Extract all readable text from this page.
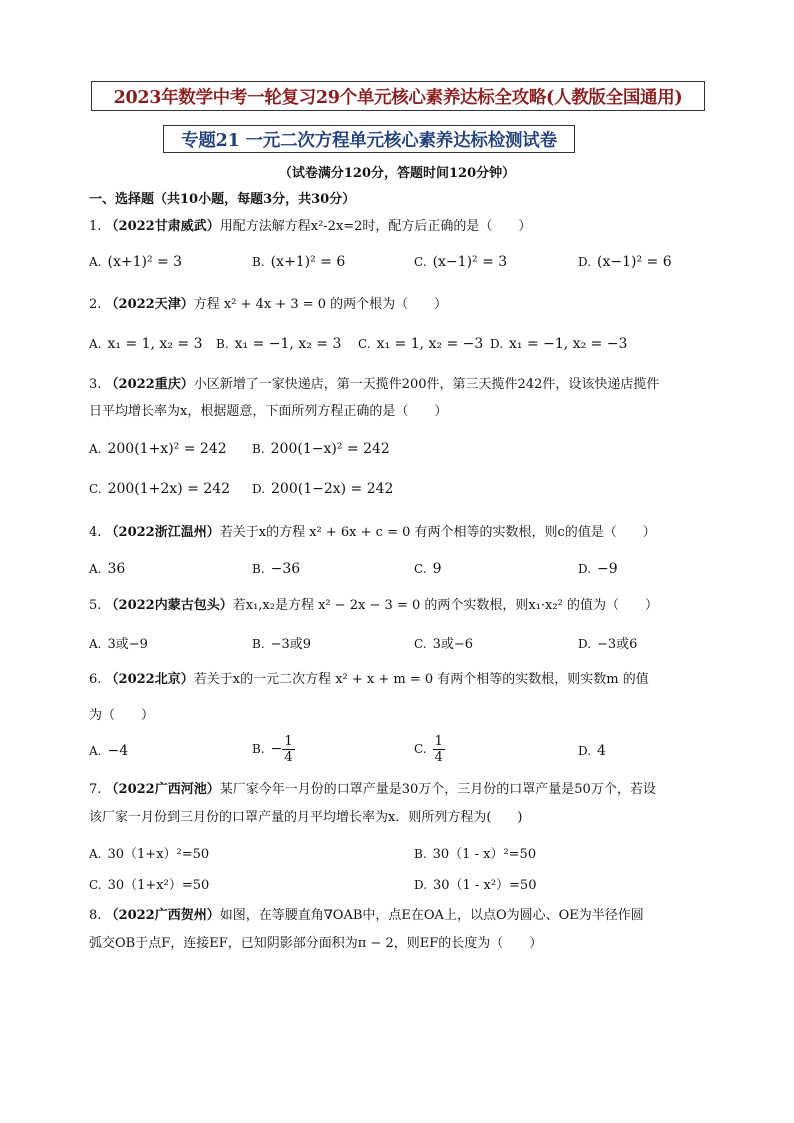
2023年数学中考一轮复习29个单元核心素养达标全攻略(人教版全国通用)
专题21 一元二次方程单元核心素养达标检测试卷
（试卷满分120分，答题时间120分钟）
一、选择题（共10小题，每题3分，共30分）
1. （2022甘肃威武）用配方法解方程x²-2x=2时，配方后正确的是（　　）
A. (x+1)² = 3	B. (x+1)² = 6	C. (x−1)² = 3	D. (x−1)² = 6
2. （2022天津）方程 x² + 4x + 3 = 0 的两个根为（　　）
A. x₁ = 1, x₂ = 3 B. x₁ = −1, x₂ = 3 C. x₁ = 1, x₂ = −3 D. x₁ = −1, x₂ = −3
3. （2022重庆）小区新增了一家快递店，第一天揽件200件，第三天揽件242件，设该快递店揽件
日平均增长率为x，根据题意，下面所列方程正确的是（　　）
A. 200(1+x)² = 242 B. 200(1−x)² = 242
C. 200(1+2x) = 242 D. 200(1−2x) = 242
4. （2022浙江温州）若关于x的方程 x² + 6x + c = 0 有两个相等的实数根，则c的值是（　　）
A. 36	B. −36	C. 9	D. −9
5. （2022内蒙古包头）若x₁,x₂是方程 x² − 2x − 3 = 0 的两个实数根，则x₁·x₂² 的值为（　　）
A. 3或−9	B. −3或9	C. 3或−6	D. −3或6
6. （2022北京）若关于x的一元二次方程 x² + x + m = 0 有两个相等的实数根，则实数m 的值
为（　　）
A. −4	B. − $\frac{1}{4}$	C. $\frac{1}{4}$	D. 4
7. （2022广西河池）某厂家今年一月份的口罩产量是30万个，三月份的口罩产量是50万个，若设
该厂家一月份到三月份的口罩产量的月平均增长率为x．则所列方程为(　　)
A. 30（1+x）²=50	B. 30（1 - x）²=50
C. 30（1+x²）=50	D. 30（1 - x²）=50
8. （2022广西贺州）如图，在等腰直角∇OAB中，点E在OA上，以点O为圆心、OE为半径作圆
弧交OB于点F，连接EF，已知阴影部分面积为π − 2，则EF的长度为（　　）
